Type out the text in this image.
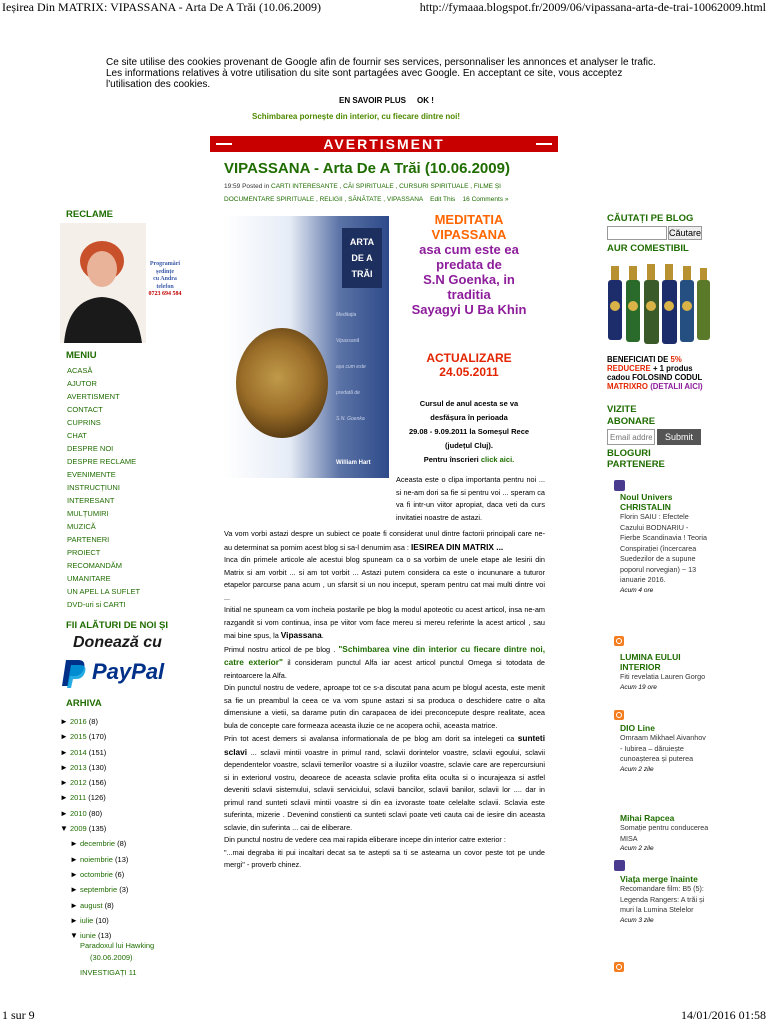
Ieșirea Din MATRIX: VIPASSANA - Arta De A Trăi (10.06.2009)	http://fymaaa.blogspot.fr/2009/06/vipassana-arta-de-trai-10062009.html
1 sur 9	14/01/2016 01:58
Ce site utilise des cookies provenant de Google afin de fournir ses services, personnaliser les annonces et analyser le trafic. Les informations relatives à votre utilisation du site sont partagées avec Google. En acceptant ce site, vous acceptez l'utilisation des cookies.
EN SAVOIR PLUS OK !
Schimbarea pornește din interior, cu fiecare dintre noi!
AVERTISMENT
VIPASSANA - Arta De A Trăi (10.06.2009)
19:59 Posted in CARTI INTERESANTE , CĂI SPIRITUALE , CURSURI SPIRITUALE , FILME ȘI DOCUMENTARE SPIRITUALE , RELIGII , SĂNĂTATE , VIPASSANA Edit This 16 Comments »
RECLAME
Programări
ședințe
cu Andra
telefon
0723 694 584
MENIU
ACASĂ
AJUTOR
AVERTISMENT
CONTACT
CUPRINS
CHAT
DESPRE NOI
DESPRE RECLAME
EVENIMENTE
INSTRUCȚIUNI
INTERESANT
MULȚUMIRI
MUZICĂ
PARTENERI
PROIECT
RECOMANDĂM
UMANITARE
UN APEL LA SUFLET
DVD-uri si CARTI
FII ALĂTURI DE NOI ȘI
Donează cu
PayPal
ARHIVA
► 2016 (8)
► 2015 (170)
► 2014 (151)
► 2013 (130)
► 2012 (156)
► 2011 (126)
► 2010 (80)
▼ 2009 (135)
► decembrie (8)
► noiembrie (13)
► octombrie (6)
► septembrie (3)
► august (8)
► iulie (10)
▼ iunie (13)
Paradoxul lui Hawking
(30.06.2009)
INVESTIGAȚI 11
ARTA
DE A
TRĂI
Meditația
Vipassană
așa cum este
predată de
S.N. Goenka
William Hart
MEDITATIA
VIPASSANA
asa cum este ea
predata de
S.N Goenka, in
traditia
Sayagyi U Ba Khin
ACTUALIZARE
24.05.2011
Cursul de anul acesta se va
desfășura în perioada
29.08 - 9.09.2011 la Someșul Rece
(județul Cluj).
Pentru înscrieri click aici.

Aceasta este o clipa importanta pentru noi ... si ne-am dori sa fie si pentru voi ... speram ca va fi intr-un viitor apropiat, daca veti da curs invitatiei noastre de astazi.

Va vom vorbi astazi despre un subiect ce poate fi considerat unul dintre factorii principali care ne-au determinat sa pornim acest blog si sa-l denumim asa : IESIREA DIN MATRIX ...

Inca din primele articole ale acestui blog spuneam ca o sa vorbim de unele etape ale Iesirii din Matrix si am vorbit ... si am tot vorbit ... Astazi putem considera ca este o incununare a tuturor etapelor parcurse pana acum , un sfarsit si un nou inceput, speram pentru cat mai multi dintre voi ...

Initial ne spuneam ca vom incheia postarile pe blog la modul apoteotic cu acest articol, insa ne-am razgandit si vom continua, insa pe viitor vom face mereu si mereu referinte la acest articol , sau mai bine spus, la Vipassana.

Primul nostru articol de pe blog . "Schimbarea vine din interior cu fiecare dintre noi, catre exterior" il consideram punctul Alfa iar acest articol punctul Omega si totodata de reintoarcere la Alfa.

Din punctul nostru de vedere, aproape tot ce s-a discutat pana acum pe blogul acesta, este menit sa fie un preambul la ceea ce va vom spune astazi si sa produca o deschidere catre o alta dimensiune a vietii, sa darame putin din carapacea de idei preconcepute despre realitate, acea bula de concepte care formeaza aceasta iluzie ce ne acopera ochii, aceasta matrice.

Prin tot acest demers si avalansa informationala de pe blog am dorit sa intelegeti ca sunteti sclavi ... sclavii mintii voastre in primul rand, sclavii dorintelor voastre, sclavii egoului, sclavii dependentelor voastre, sclavii temerilor voastre si a iluziilor voastre, sclavie care are repercursiuni si in exteriorul vostru, deoarece de aceasta sclavie profita elita oculta si o incurajeaza si astfel deveniti sclavii sistemului, sclavii serviciului, sclavii bancilor, sclavii banilor, sclavii lor .... dar in primul rand sunteti sclavii mintii voastre si din ea izvoraste toate celelalte sclavii. Sclavia este suferinta, mizerie . Devenind constienti ca sunteti sclavi poate veti cauta cai de iesire din aceasta sclavie, din suferinta ... cai de eliberare.

Din punctul nostru de vedere cea mai rapida eliberare incepe din interior catre exterior :

"...mai degraba iti pui incaltari decat sa te astepti sa ti se astearna un covor peste tot pe unde mergi" - proverb chinez.

CĂUTAȚI PE BLOG
Căutare
AUR COMESTIBIL
BENEFICIATI DE 5% REDUCERE + 1 produs cadou FOLOSIND CODUL MATRIXRO (DETALII AICI)
VIZITE
ABONARE
Email address...
Submit
BLOGURI PARTENERE
Noul Univers CHRISTALIN
Florin SAIU : Efectele Cazului BODNARIU - Fierbe Scandinavia ! Teoria Conspirației (încercarea Suedezilor de a supune poporul norvegian) ~ 13 ianuarie 2016.
Acum 4 ore
LUMINA EULUI INTERIOR
Fiti revelatia Lauren Gorgo
Acum 19 ore
DIO Line
Omraam Mikhael Aivanhov - Iubirea – dăruiește cunoașterea și puterea
Acum 2 zile
Mihai Rapcea
Somație pentru conducerea MISA
Acum 2 zile
Viața merge înainte
Recomandare film: B5 (5): Legenda Rangers: A trăi și muri la Lumina Stelelor
Acum 3 zile
